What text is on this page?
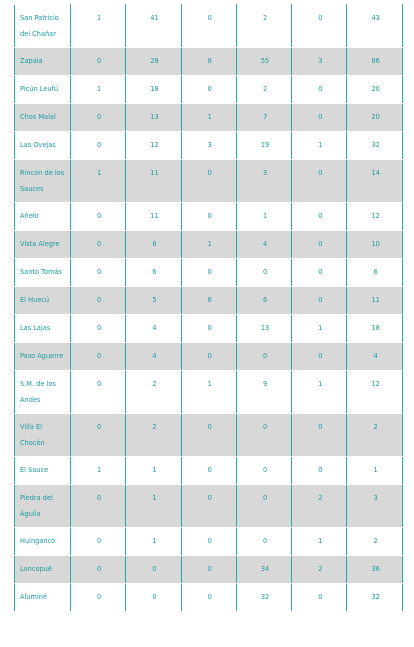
San Patricio del Chañar	1	41	0	2	0	43
Zapala	0	28	8	55	3	86
Picún Leufú	1	18	0	2	0	20
Chos Malal	0	13	1	7	0	20
Las Ovejas	0	12	3	19	1	32
Rincón de los Sauces	1	11	0	3	0	14
Añelo	0	11	0	1	0	12
Vista Alegre	0	6	1	4	0	10
Santo Tomás	0	6	0	0	0	6
El Huecú	0	5	6	6	0	11
Las Lajas	0	4	0	13	1	18
Paso Aguerre	0	4	0	0	0	4
S.M. de los Andes	0	2	1	9	1	12
Villa El Chocón	0	2	0	0	0	2
El Sauce	1	1	0	0	0	1
Piedra del Águila	0	1	0	0	2	3
Huinganco	0	1	0	0	1	2
Loncopué	0	0	0	34	2	36
Aluminé	0	0	0	32	0	32
